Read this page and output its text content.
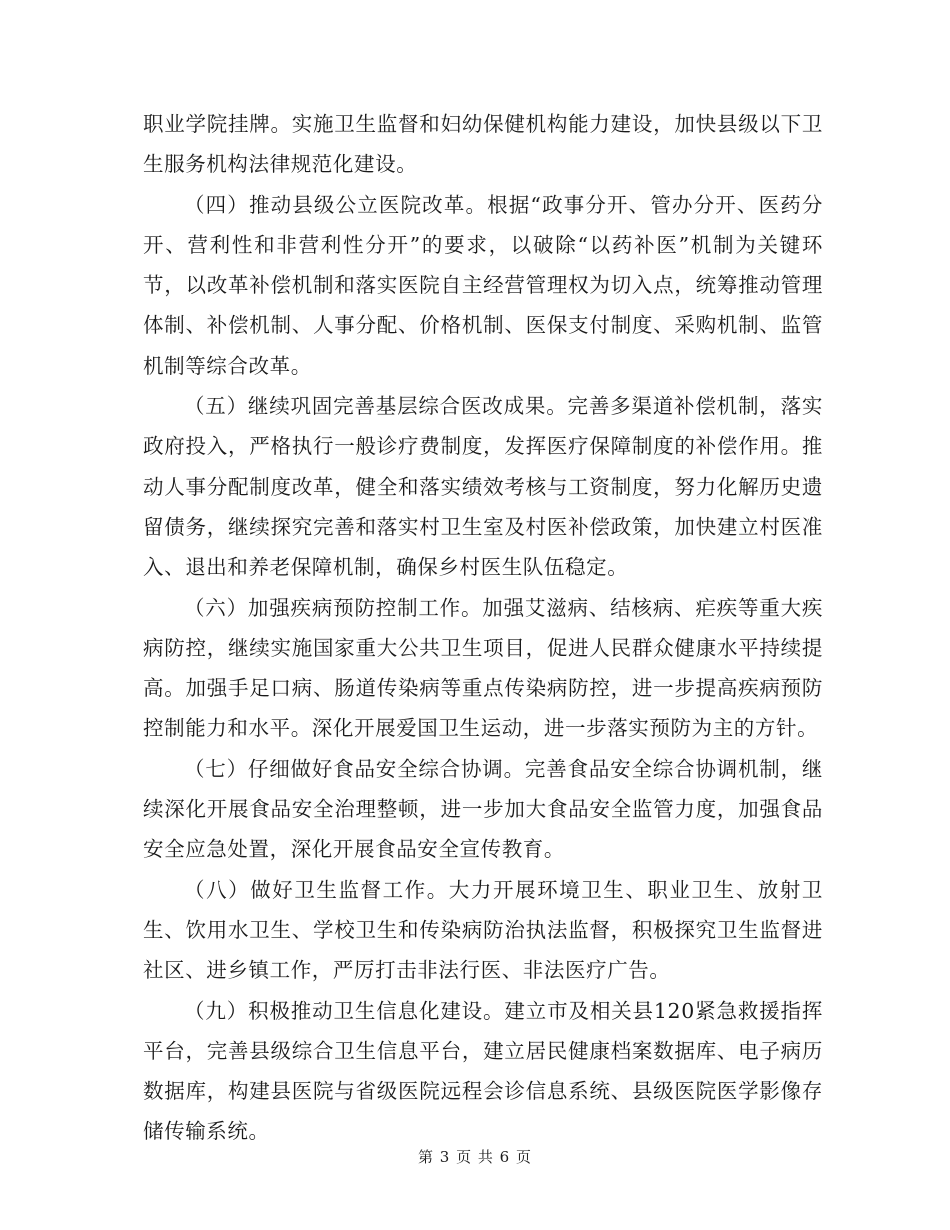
职业学院挂牌。实施卫生监督和妇幼保健机构能力建设，加快县级以下卫生服务机构法律规范化建设。

（四）推动县级公立医院改革。根据“政事分开、管办分开、医药分开、营利性和非营利性分开”的要求，以破除“以药补医”机制为关键环节，以改革补偿机制和落实医院自主经营管理权为切入点，统筹推动管理体制、补偿机制、人事分配、价格机制、医保支付制度、采购机制、监管机制等综合改革。

（五）继续巩固完善基层综合医改成果。完善多渠道补偿机制，落实政府投入，严格执行一般诊疗费制度，发挥医疗保障制度的补偿作用。推动人事分配制度改革，健全和落实绩效考核与工资制度，努力化解历史遗留债务，继续探究完善和落实村卫生室及村医补偿政策，加快建立村医准入、退出和养老保障机制，确保乡村医生队伍稳定。

（六）加强疾病预防控制工作。加强艾滋病、结核病、疟疾等重大疾病防控，继续实施国家重大公共卫生项目，促进人民群众健康水平持续提高。加强手足口病、肠道传染病等重点传染病防控，进一步提高疾病预防控制能力和水平。深化开展爱国卫生运动，进一步落实预防为主的方针。

（七）仔细做好食品安全综合协调。完善食品安全综合协调机制，继续深化开展食品安全治理整顿，进一步加大食品安全监管力度，加强食品安全应急处置，深化开展食品安全宣传教育。

（八）做好卫生监督工作。大力开展环境卫生、职业卫生、放射卫生、饮用水卫生、学校卫生和传染病防治执法监督，积极探究卫生监督进社区、进乡镇工作，严厉打击非法行医、非法医疗广告。

（九）积极推动卫生信息化建设。建立市及相关县120紧急救援指挥平台，完善县级综合卫生信息平台，建立居民健康档案数据库、电子病历数据库，构建县医院与省级医院远程会诊信息系统、县级医院医学影像存储传输系统。

第 3 页 共 6 页
